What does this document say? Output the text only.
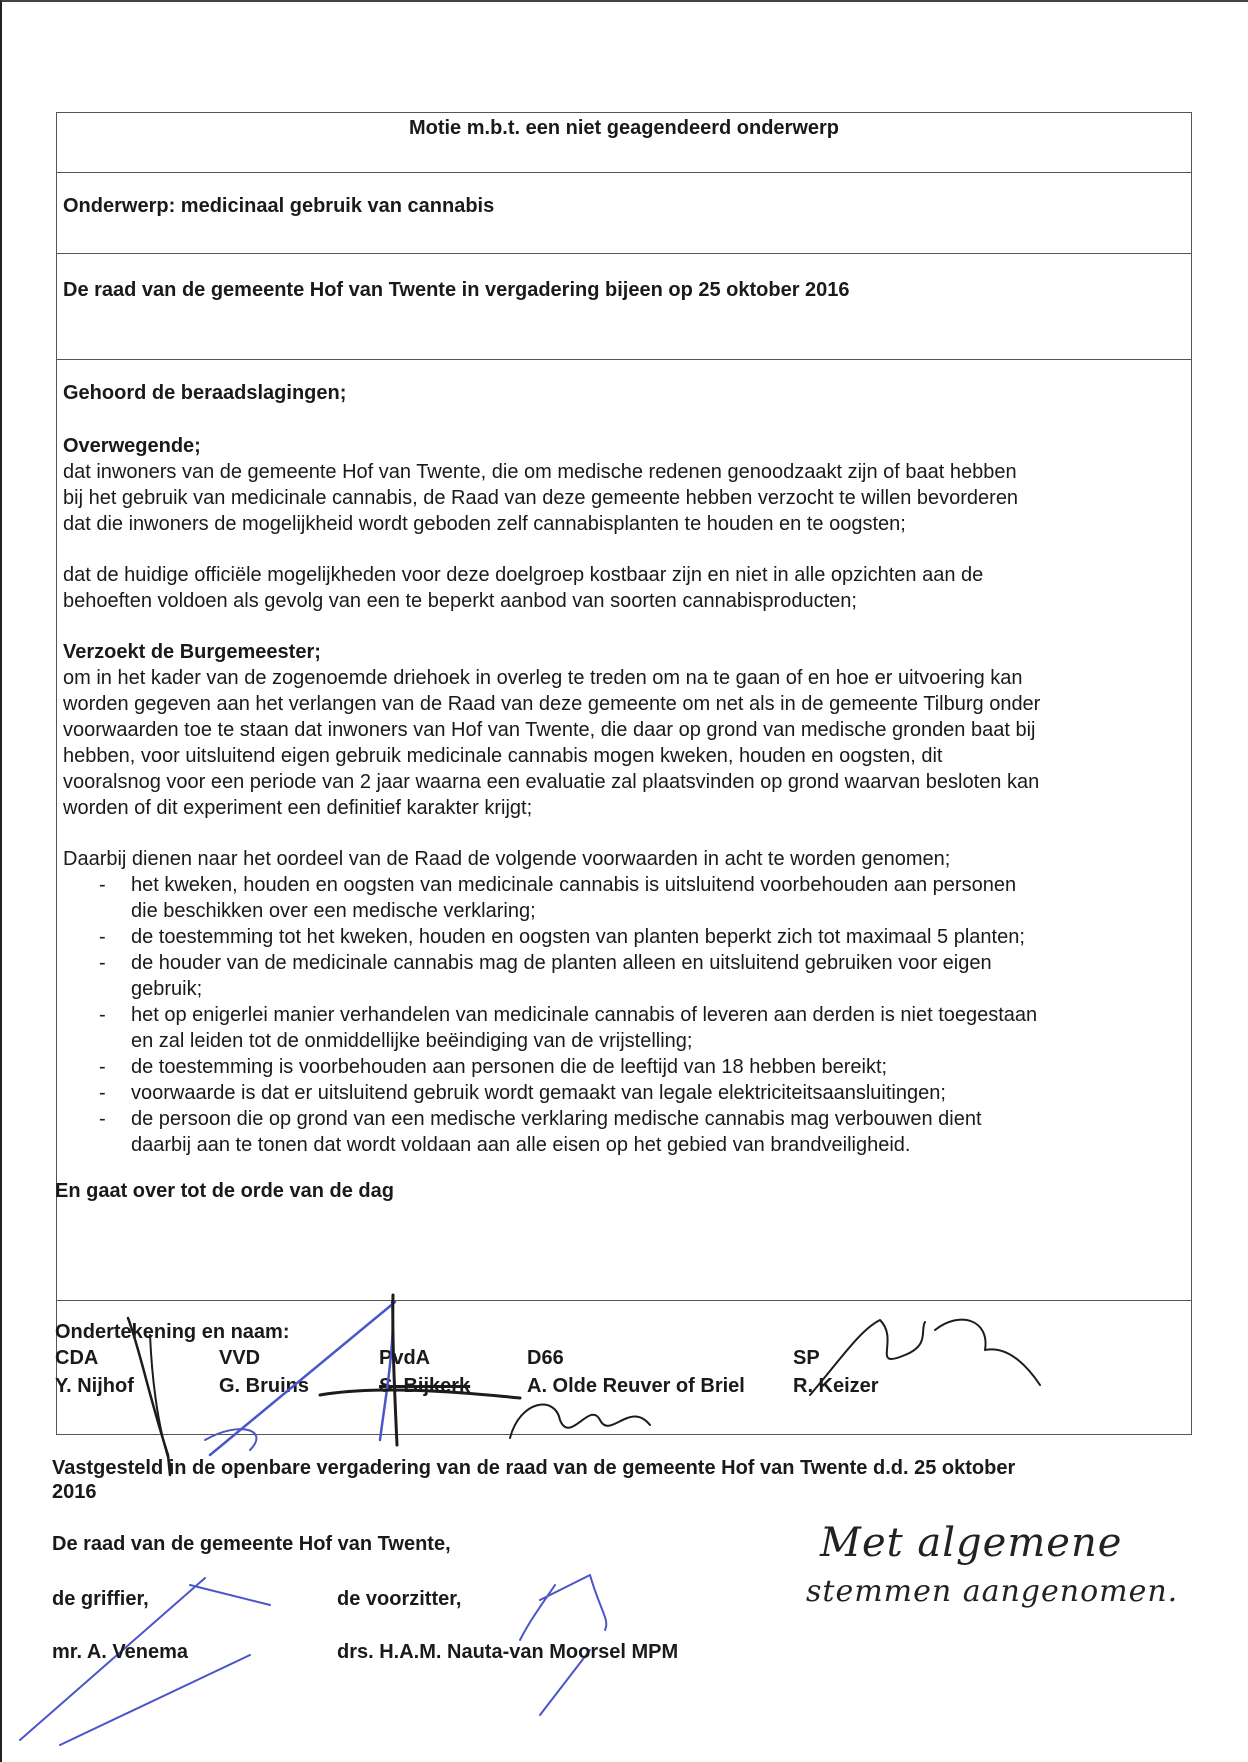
Motie m.b.t. een niet geagendeerd onderwerp
Onderwerp: medicinaal gebruik van cannabis
De raad van de gemeente Hof van Twente in vergadering bijeen op 25 oktober 2016
Gehoord de beraadslagingen;
Overwegende;
dat inwoners van de gemeente Hof van Twente, die om medische redenen genoodzaakt zijn of baat hebben
bij het gebruik van medicinale cannabis, de Raad van deze gemeente hebben verzocht te willen bevorderen
dat die inwoners de mogelijkheid wordt geboden zelf cannabisplanten te houden en te oogsten;
dat de huidige officiële mogelijkheden voor deze doelgroep kostbaar zijn en niet in alle opzichten aan de
behoeften voldoen als gevolg van een te beperkt aanbod van soorten cannabisproducten;
Verzoekt de Burgemeester;
om in het kader van de zogenoemde driehoek in overleg te treden om na te gaan of en hoe er uitvoering kan
worden gegeven aan het verlangen van de Raad van deze gemeente om net als in de gemeente Tilburg onder
voorwaarden toe te staan dat inwoners van Hof van Twente, die daar op grond van medische gronden baat bij
hebben, voor uitsluitend eigen gebruik medicinale cannabis mogen kweken, houden en oogsten, dit
vooralsnog voor een periode van 2 jaar waarna een evaluatie zal plaatsvinden op grond waarvan besloten kan
worden of dit experiment een definitief karakter krijgt;
Daarbij dienen naar het oordeel van de Raad de volgende voorwaarden in acht te worden genomen;
- het kweken, houden en oogsten van medicinale cannabis is uitsluitend voorbehouden aan personen
die beschikken over een medische verklaring;
- de toestemming tot het kweken, houden en oogsten van planten beperkt zich tot maximaal 5 planten;
- de houder van de medicinale cannabis mag de planten alleen en uitsluitend gebruiken voor eigen
gebruik;
- het op enigerlei manier verhandelen van medicinale cannabis of leveren aan derden is niet toegestaan
en zal leiden tot de onmiddellijke beëindiging van de vrijstelling;
- de toestemming is voorbehouden aan personen die de leeftijd van 18 hebben bereikt;
- voorwaarde is dat er uitsluitend gebruik wordt gemaakt van legale elektriciteitsaansluitingen;
- de persoon die op grond van een medische verklaring medische cannabis mag verbouwen dient
daarbij aan te tonen dat wordt voldaan aan alle eisen op het gebied van brandveiligheid.
En gaat over tot de orde van de dag
Ondertekening en naam:
CDA
Y. Nijhof
VVD
G. Bruins
PvdA
S. Bijkerk
D66
A. Olde Reuver of Briel
SP
R. Keizer
Vastgesteld in de openbare vergadering van de raad van de gemeente Hof van Twente d.d. 25 oktober
2016
De raad van de gemeente Hof van Twente,
de griffier,	de voorzitter,
mr. A. Venema	drs. H.A.M. Nauta-van Moorsel MPM
Met algemene
stemmen aangenomen.
